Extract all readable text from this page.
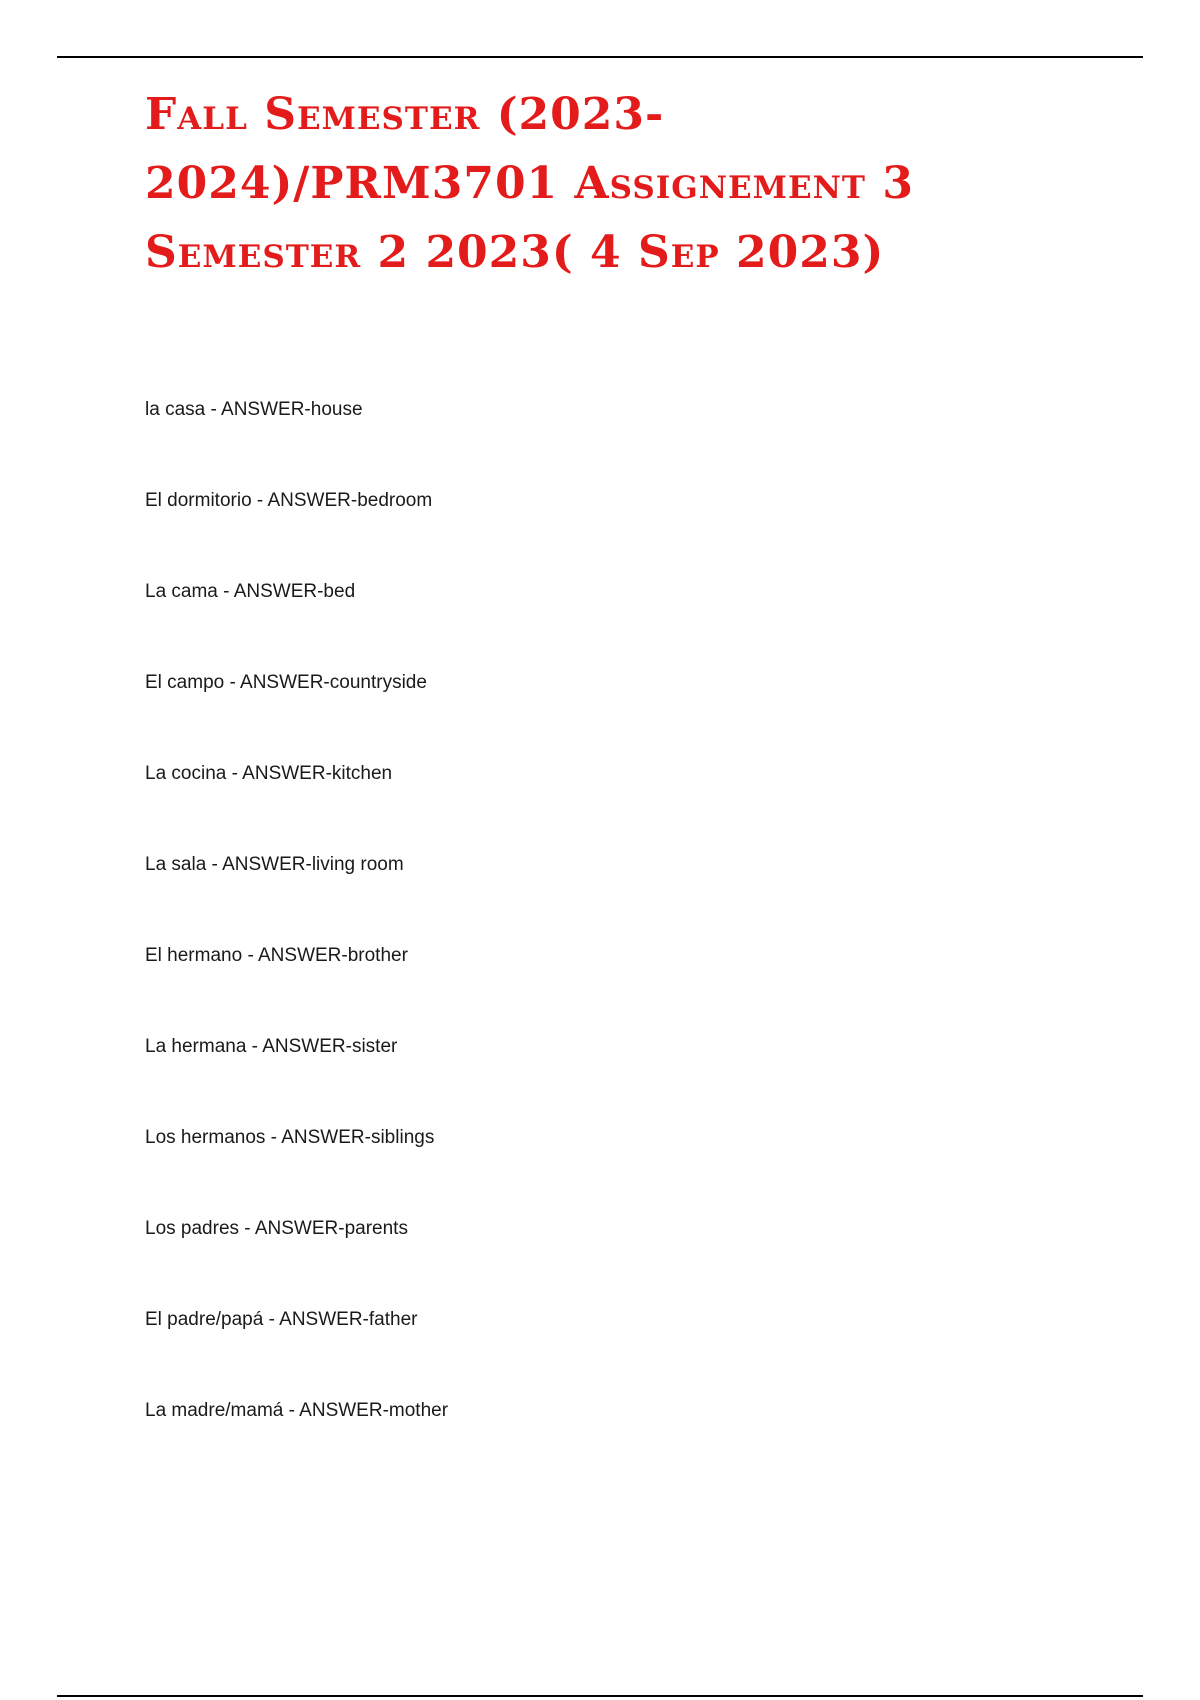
Fall Semester (2023-
2024)/PRM3701 Assignement 3
Semester 2 2023( 4 Sep 2023)
la casa - ANSWER-house
El dormitorio - ANSWER-bedroom
La cama - ANSWER-bed
El campo - ANSWER-countryside
La cocina - ANSWER-kitchen
La sala - ANSWER-living room
El hermano - ANSWER-brother
La hermana - ANSWER-sister
Los hermanos - ANSWER-siblings
Los padres - ANSWER-parents
El padre/papá - ANSWER-father
La madre/mamá - ANSWER-mother
